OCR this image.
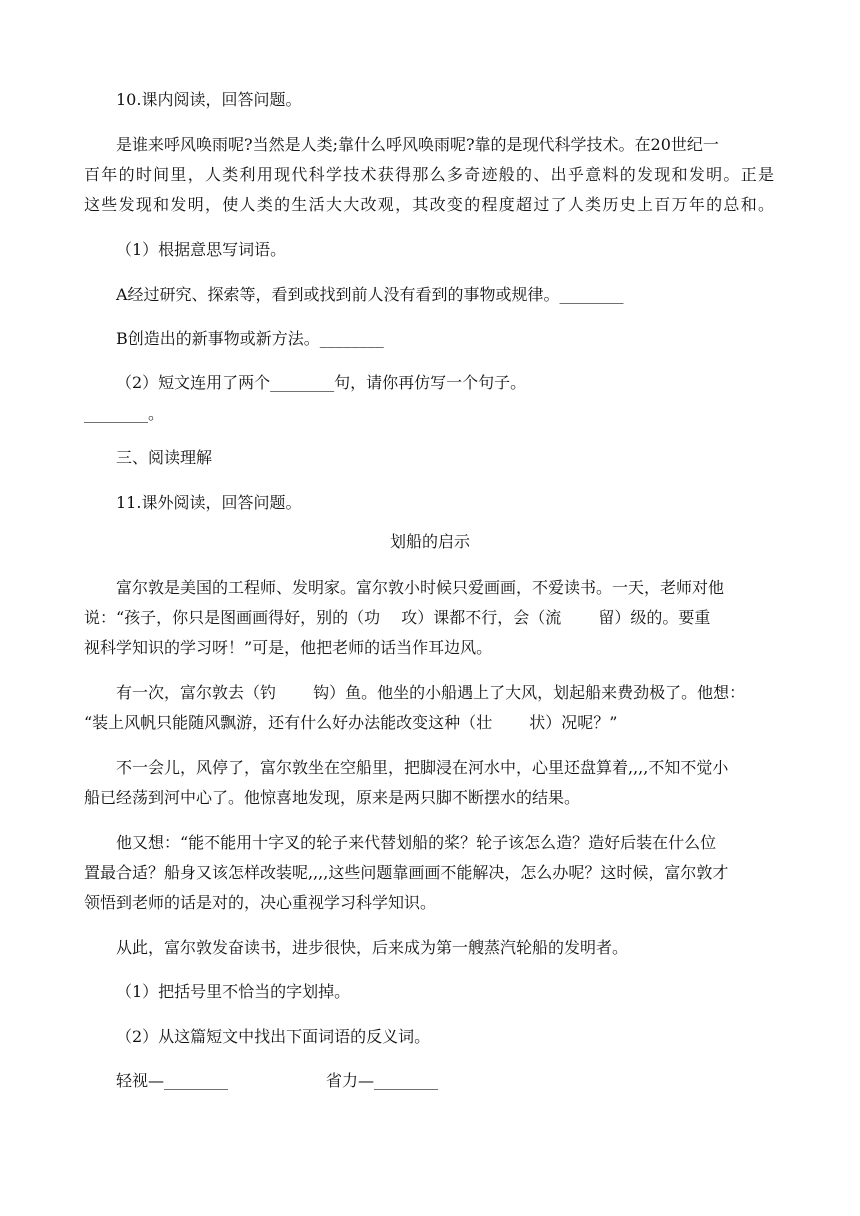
10.课内阅读，回答问题。
是谁来呼风唤雨呢?当然是人类;靠什么呼风唤雨呢?靠的是现代科学技术。在20世纪一
百年的时间里，人类利用现代科学技术获得那么多奇迹般的、出乎意料的发现和发明。正是
这些发现和发明，使人类的生活大大改观，其改变的程度超过了人类历史上百万年的总和。
（1）根据意思写词语。
A经过研究、探索等，看到或找到前人没有看到的事物或规律。________
B创造出的新事物或新方法。________
（2）短文连用了两个________句，请你再仿写一个句子。
________。
三、阅读理解
11.课外阅读，回答问题。
划船的启示
富尔敦是美国的工程师、发明家。富尔敦小时候只爱画画，不爱读书。一天，老师对他
说：“孩子，你只是图画画得好，别的（功　 攻）课都不行，会（流　　 留）级的。要重
视科学知识的学习呀！”可是，他把老师的话当作耳边风。
有一次，富尔敦去（钓　　 钩）鱼。他坐的小船遇上了大风，划起船来费劲极了。他想：
“装上风帆只能随风飘游，还有什么好办法能改变这种（壮　　 状）况呢？”
不一会儿，风停了，富尔敦坐在空船里，把脚浸在河水中，心里还盘算着,,,,不知不觉小
船已经荡到河中心了。他惊喜地发现，原来是两只脚不断摆水的结果。
他又想：“能不能用十字叉的轮子来代替划船的桨？轮子该怎么造？造好后装在什么位
置最合适？船身又该怎样改装呢,,,,这些问题靠画画不能解决，怎么办呢？这时候，富尔敦才
领悟到老师的话是对的，决心重视学习科学知识。
从此，富尔敦发奋读书，进步很快，后来成为第一艘蒸汽轮船的发明者。
（1）把括号里不恰当的字划掉。
（2）从这篇短文中找出下面词语的反义词。
轻视—________	省力—________
